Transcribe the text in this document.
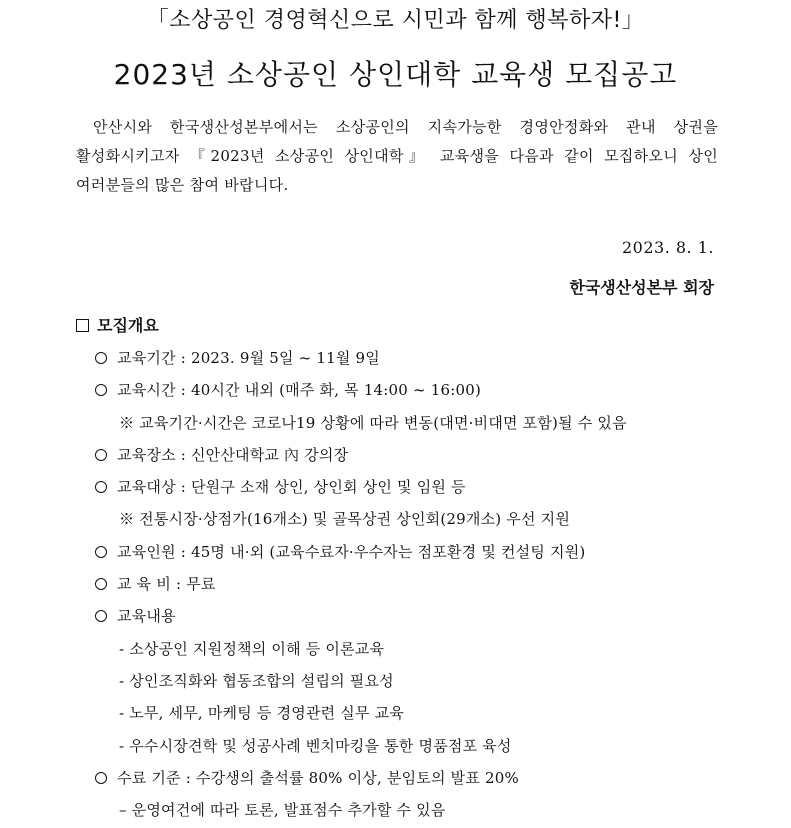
「소상공인 경영혁신으로 시민과 함께 행복하자!」
2023년 소상공인 상인대학 교육생 모집공고
안산시와 한국생산성본부에서는 소상공인의 지속가능한 경영안정화와 관내 상권을 활성화시키고자 『2023년 소상공인 상인대학』 교육생을 다음과 같이 모집하오니 상인 여러분들의 많은 참여 바랍니다.
2023. 8. 1.
한국생산성본부 회장
모집개요
교육기간 : 2023. 9월 5일 ~ 11월 9일
교육시간 : 40시간 내외 (매주 화, 목 14:00 ~ 16:00)
※ 교육기간·시간은 코로나19 상황에 따라 변동(대면·비대면 포함)될 수 있음
교육장소 : 신안산대학교 內 강의장
교육대상 : 단원구 소재 상인, 상인회 상인 및 임원 등
※ 전통시장·상점가(16개소) 및 골목상권 상인회(29개소) 우선 지원
교육인원 : 45명 내·외 (교육수료자·우수자는 점포환경 및 컨설팅 지원)
교 육 비 : 무료
교육내용
- 소상공인 지원정책의 이해 등 이론교육
- 상인조직화와 협동조합의 설립의 필요성
- 노무, 세무, 마케팅 등 경영관련 실무 교육
- 우수시장견학 및 성공사례 벤치마킹을 통한 명품점포 육성
수료 기준 : 수강생의 출석률 80% 이상, 분임토의 발표 20%
– 운영여건에 따라 토론, 발표점수 추가할 수 있음
